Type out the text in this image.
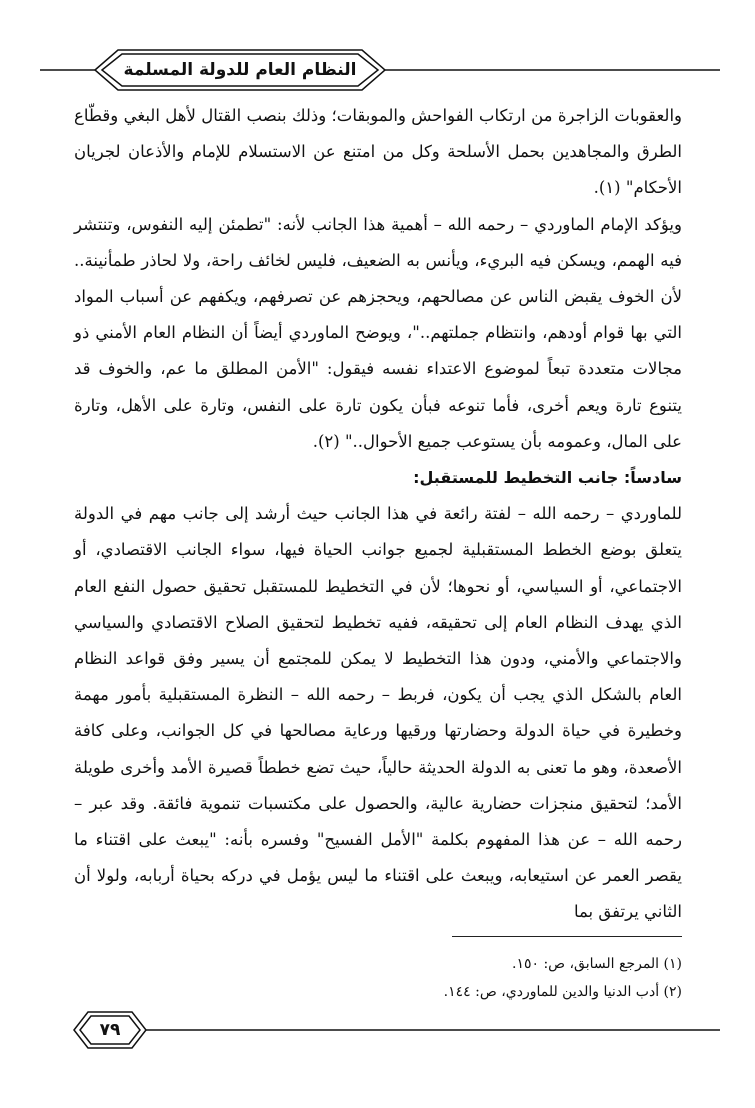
النظام العام للدولة المسلمة

والعقوبات الزاجرة من ارتكاب الفواحش والموبقات؛ وذلك بنصب القتال لأهل البغي وقطّاع الطرق والمجاهدين بحمل الأسلحة وكل من امتنع عن الاستسلام للإمام والأذعان لجريان الأحكام" (١).

ويؤكد الإمام الماوردي – رحمه الله – أهمية هذا الجانب لأنه: "تطمئن إليه النفوس، وتنتشر فيه الهمم، ويسكن فيه البريء، ويأنس به الضعيف، فليس لخائف راحة، ولا لحاذر طمأنينة.. لأن الخوف يقبض الناس عن مصالحهم، ويحجزهم عن تصرفهم، ويكفهم عن أسباب المواد التي بها قوام أودهم، وانتظام جملتهم.."، ويوضح الماوردي أيضاً أن النظام العام الأمني ذو مجالات متعددة تبعاً لموضوع الاعتداء نفسه فيقول: "الأمن المطلق ما عم، والخوف قد يتنوع تارة ويعم أخرى، فأما تنوعه فبأن يكون تارة على النفس، وتارة على الأهل، وتارة على المال، وعمومه بأن يستوعب جميع الأحوال.." (٢).

سادساً: جانب التخطيط للمستقبل:

للماوردي – رحمه الله – لفتة رائعة في هذا الجانب حيث أرشد إلى جانب مهم في الدولة يتعلق بوضع الخطط المستقبلية لجميع جوانب الحياة فيها، سواء الجانب الاقتصادي، أو الاجتماعي، أو السياسي، أو نحوها؛ لأن في التخطيط للمستقبل تحقيق حصول النفع العام الذي يهدف النظام العام إلى تحقيقه، ففيه تخطيط لتحقيق الصلاح الاقتصادي والسياسي والاجتماعي والأمني، ودون هذا التخطيط لا يمكن للمجتمع أن يسير وفق قواعد النظام العام بالشكل الذي يجب أن يكون، فربط – رحمه الله – النظرة المستقبلية بأمور مهمة وخطيرة في حياة الدولة وحضارتها ورقيها ورعاية مصالحها في كل الجوانب، وعلى كافة الأصعدة، وهو ما تعنى به الدولة الحديثة حالياً، حيث تضع خططاً قصيرة الأمد وأخرى طويلة الأمد؛ لتحقيق منجزات حضارية عالية، والحصول على مكتسبات تنموية فائقة. وقد عبر – رحمه الله – عن هذا المفهوم بكلمة "الأمل الفسيح" وفسره بأنه: "يبعث على اقتناء ما يقصر العمر عن استيعابه، ويبعث على اقتناء ما ليس يؤمل في دركه بحياة أربابه، ولولا أن الثاني يرتفق بما

(١) المرجع السابق، ص: ١٥٠.

(٢) أدب الدنيا والدين للماوردي، ص: ١٤٤.

٧٩
